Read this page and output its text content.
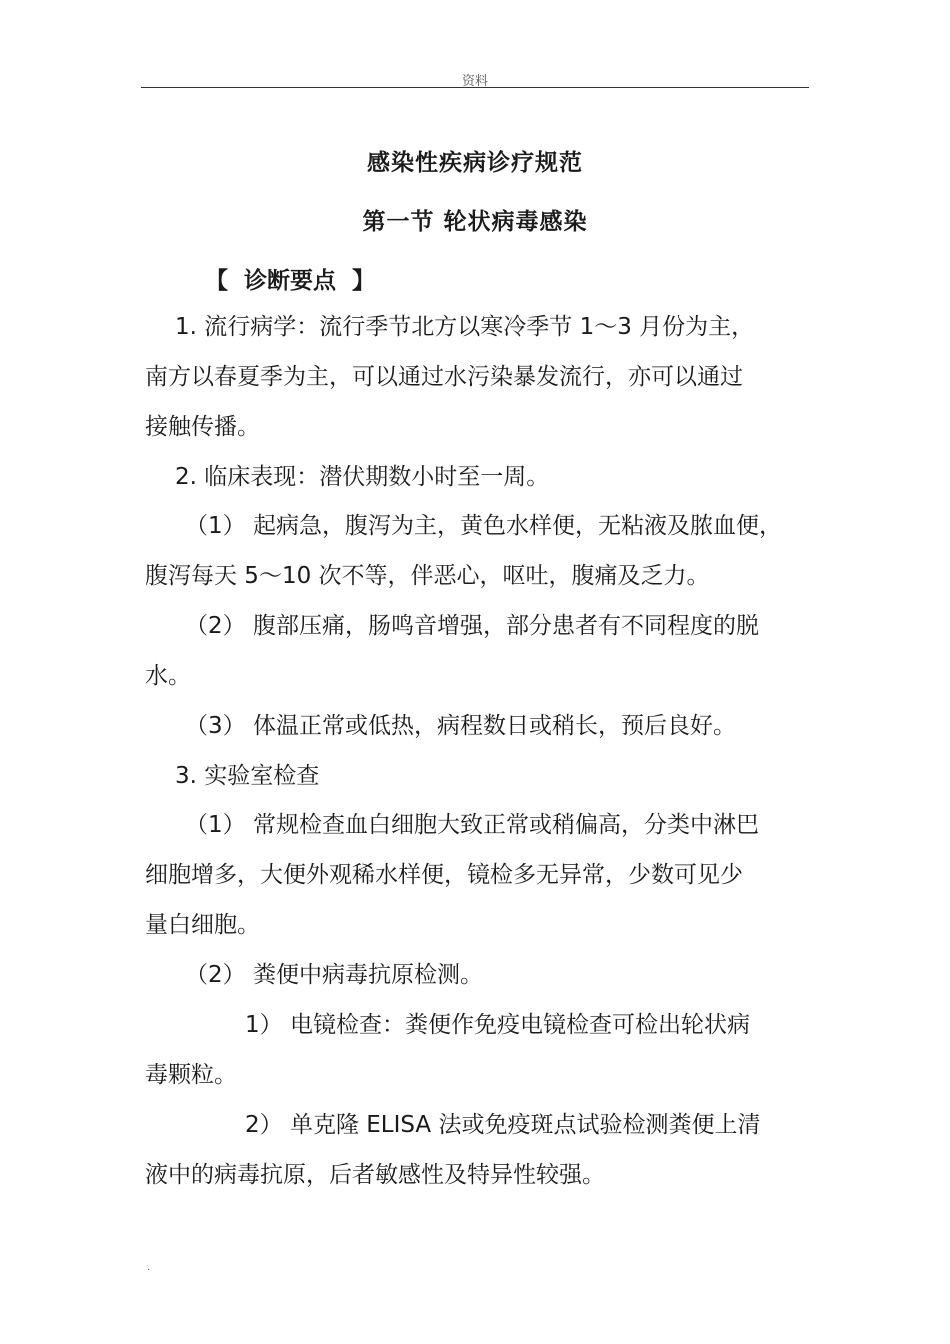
资料
感染性疾病诊疗规范
第一节 轮状病毒感染
【  诊断要点  】
1. 流行病学：流行季节北方以寒冷季节 1～3 月份为主，
南方以春夏季为主，可以通过水污染暴发流行，亦可以通过
接触传播。
2. 临床表现：潜伏期数小时至一周。
（1） 起病急，腹泻为主，黄色水样便，无粘液及脓血便，
腹泻每天 5～10 次不等，伴恶心，呕吐，腹痛及乏力。
（2） 腹部压痛，肠鸣音增强，部分患者有不同程度的脱
水。
（3） 体温正常或低热，病程数日或稍长，预后良好。
3. 实验室检查
（1） 常规检查血白细胞大致正常或稍偏高，分类中淋巴
细胞增多，大便外观稀水样便，镜检多无异常，少数可见少
量白细胞。
（2） 粪便中病毒抗原检测。
1） 电镜检查：粪便作免疫电镜检查可检出轮状病
毒颗粒。
2） 单克隆 ELISA 法或免疫斑点试验检测粪便上清
液中的病毒抗原，后者敏感性及特异性较强。
.
